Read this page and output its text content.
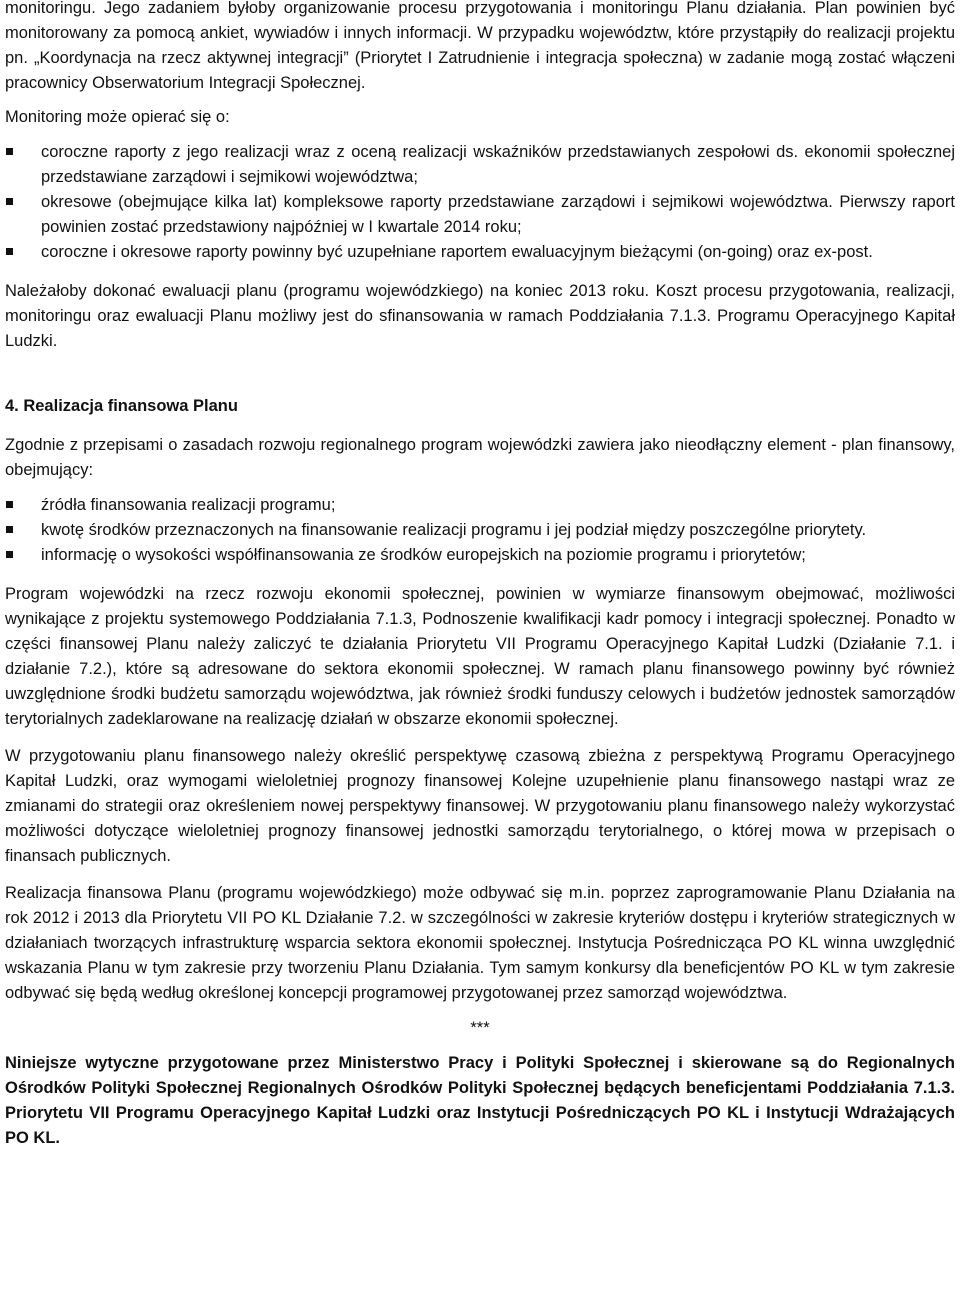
monitoringu. Jego zadaniem byłoby organizowanie procesu przygotowania i monitoringu Planu działania. Plan powinien być monitorowany za pomocą ankiet, wywiadów i innych informacji. W przypadku województw, które przystąpiły do realizacji projektu pn. „Koordynacja na rzecz aktywnej integracji” (Priorytet I Zatrudnienie i integracja społeczna) w zadanie mogą zostać włączeni pracownicy Obserwatorium Integracji Społecznej.

Monitoring może opierać się o:

coroczne raporty z jego realizacji wraz z oceną realizacji wskaźników przedstawianych zespołowi ds. ekonomii społecznej przedstawiane zarządowi i sejmikowi województwa;
okresowe (obejmujące kilka lat) kompleksowe raporty przedstawiane zarządowi i sejmikowi województwa. Pierwszy raport powinien zostać przedstawiony najpóźniej w I kwartale 2014 roku;
coroczne i okresowe raporty powinny być uzupełniane raportem ewaluacyjnym bieżącymi (on-going) oraz ex-post.

Należałoby dokonać ewaluacji planu (programu wojewódzkiego) na koniec 2013 roku. Koszt procesu przygotowania, realizacji, monitoringu oraz ewaluacji Planu możliwy jest do sfinansowania w ramach Poddziałania 7.1.3. Programu Operacyjnego Kapitał Ludzki.

4. Realizacja finansowa Planu

Zgodnie z przepisami o zasadach rozwoju regionalnego program wojewódzki zawiera jako nieodłączny element - plan finansowy, obejmujący:

źródła finansowania realizacji programu;
kwotę środków przeznaczonych na finansowanie realizacji programu i jej podział między poszczególne priorytety.
informację o wysokości współfinansowania ze środków europejskich na poziomie programu i priorytetów;

Program wojewódzki na rzecz rozwoju ekonomii społecznej, powinien w wymiarze finansowym obejmować, możliwości wynikające z projektu systemowego Poddziałania 7.1.3, Podnoszenie kwalifikacji kadr pomocy i integracji społecznej. Ponadto w części finansowej Planu należy zaliczyć te działania Priorytetu VII Programu Operacyjnego Kapitał Ludzki (Działanie 7.1. i działanie 7.2.), które są adresowane do sektora ekonomii społecznej. W ramach planu finansowego powinny być również uwzględnione środki budżetu samorządu województwa, jak również środki funduszy celowych i budżetów jednostek samorządów terytorialnych zadeklarowane na realizację działań w obszarze ekonomii społecznej.

W przygotowaniu planu finansowego należy określić perspektywę czasową zbieżna z perspektywą Programu Operacyjnego Kapitał Ludzki, oraz wymogami wieloletniej prognozy finansowej Kolejne uzupełnienie planu finansowego nastąpi wraz ze zmianami do strategii oraz określeniem nowej perspektywy finansowej. W przygotowaniu planu finansowego należy wykorzystać możliwości dotyczące wieloletniej prognozy finansowej jednostki samorządu terytorialnego, o której mowa w przepisach o finansach publicznych.

Realizacja finansowa Planu (programu wojewódzkiego) może odbywać się m.in. poprzez zaprogramowanie Planu Działania na rok 2012 i 2013 dla Priorytetu VII PO KL Działanie 7.2. w szczególności w zakresie kryteriów dostępu i kryteriów strategicznych w działaniach tworzących infrastrukturę wsparcia sektora ekonomii społecznej. Instytucja Pośrednicząca PO KL winna uwzględnić wskazania Planu w tym zakresie przy tworzeniu Planu Działania. Tym samym konkursy dla beneficjentów PO KL w tym zakresie odbywać się będą według określonej koncepcji programowej przygotowanej przez samorząd województwa.

***

Niniejsze wytyczne przygotowane przez Ministerstwo Pracy i Polityki Społecznej i skierowane są do Regionalnych Ośrodków Polityki Społecznej Regionalnych Ośrodków Polityki Społecznej będących beneficjentami Poddziałania 7.1.3. Priorytetu VII Programu Operacyjnego Kapitał Ludzki oraz Instytucji Pośredniczących PO KL i Instytucji Wdrażających PO KL.
